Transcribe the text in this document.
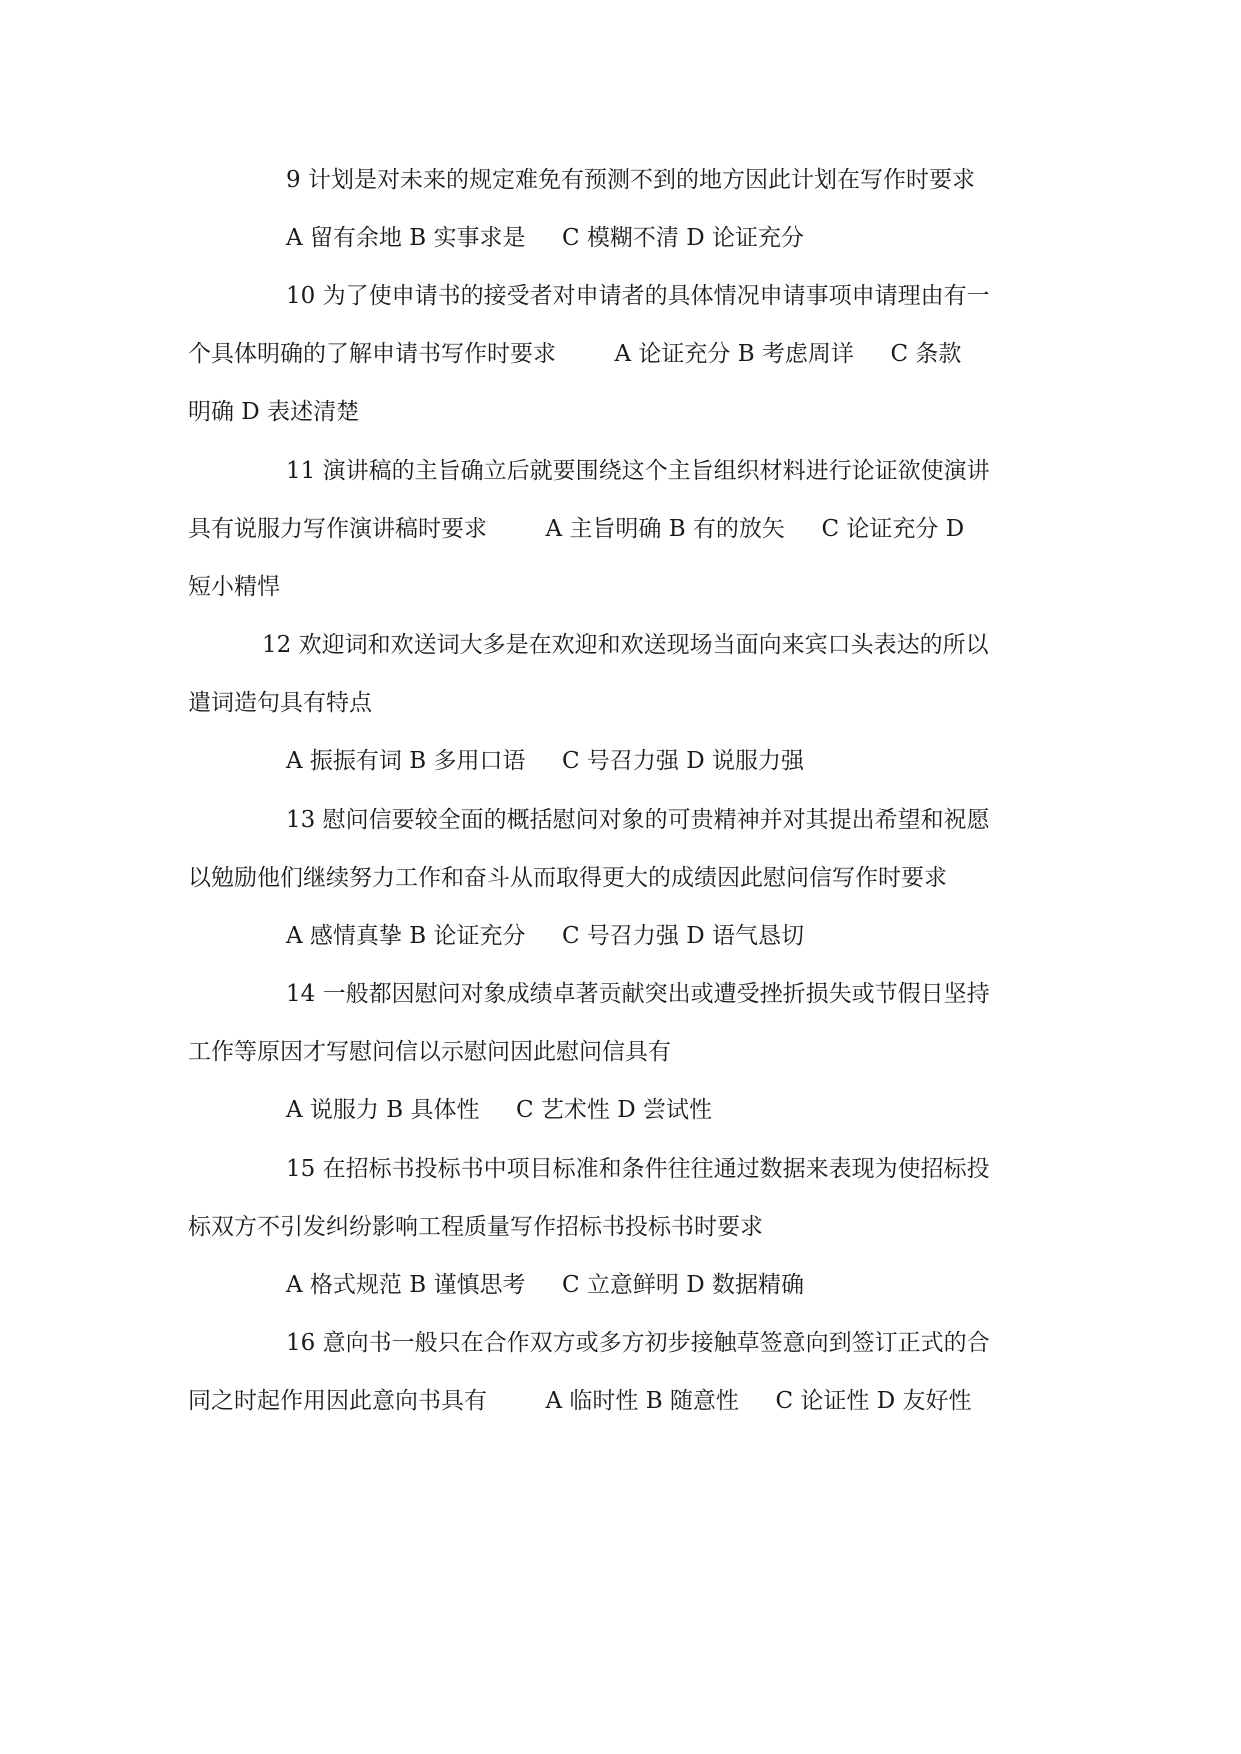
9 计划是对未来的规定难免有预测不到的地方因此计划在写作时要求
A 留有余地 B 实事求是     C 模糊不清 D 论证充分
10 为了使申请书的接受者对申请者的具体情况申请事项申请理由有一
个具体明确的了解申请书写作时要求        A 论证充分 B 考虑周详     C 条款
明确 D 表述清楚
11 演讲稿的主旨确立后就要围绕这个主旨组织材料进行论证欲使演讲
具有说服力写作演讲稿时要求        A 主旨明确 B 有的放矢     C 论证充分 D
短小精悍
12 欢迎词和欢送词大多是在欢迎和欢送现场当面向来宾口头表达的所以
遣词造句具有特点
A 振振有词 B 多用口语     C 号召力强 D 说服力强
13 慰问信要较全面的概括慰问对象的可贵精神并对其提出希望和祝愿
以勉励他们继续努力工作和奋斗从而取得更大的成绩因此慰问信写作时要求
A 感情真挚 B 论证充分     C 号召力强 D 语气恳切
14 一般都因慰问对象成绩卓著贡献突出或遭受挫折损失或节假日坚持
工作等原因才写慰问信以示慰问因此慰问信具有
A 说服力 B 具体性     C 艺术性 D 尝试性
15 在招标书投标书中项目标准和条件往往通过数据来表现为使招标投
标双方不引发纠纷影响工程质量写作招标书投标书时要求
A 格式规范 B 谨慎思考     C 立意鲜明 D 数据精确
16 意向书一般只在合作双方或多方初步接触草签意向到签订正式的合
同之时起作用因此意向书具有        A 临时性 B 随意性     C 论证性 D 友好性
